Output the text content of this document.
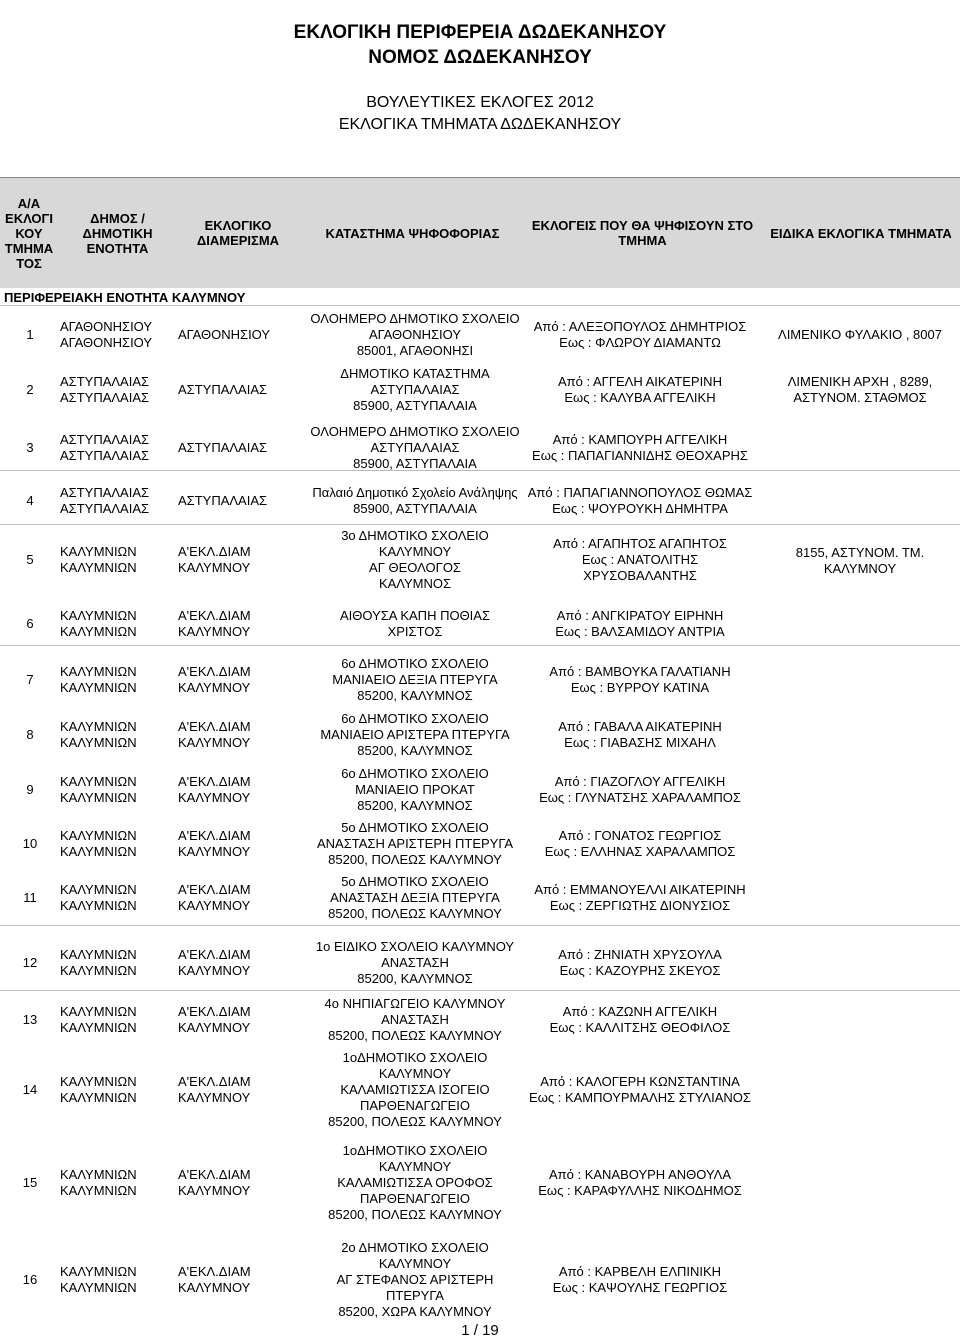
ΕΚΛΟΓΙΚΗ ΠΕΡΙΦΕΡΕΙΑ ΔΩΔΕΚΑΝΗΣΟΥ
ΝΟΜΟΣ ΔΩΔΕΚΑΝΗΣΟΥ
ΒΟΥΛΕΥΤΙΚΕΣ ΕΚΛΟΓΕΣ 2012
ΕΚΛΟΓΙΚΑ ΤΜΗΜΑΤΑ ΔΩΔΕΚΑΝΗΣΟΥ
Α/Α
ΕΚΛΟΓΙ
ΚΟΥ
ΤΜΗΜΑ
ΤΟΣ
ΔΗΜΟΣ /
ΔΗΜΟΤΙΚΗ
ΕΝΟΤΗΤΑ
ΕΚΛΟΓΙΚΟ
ΔΙΑΜΕΡΙΣΜΑ	ΚΑΤΑΣΤΗΜΑ ΨΗΦΟΦΟΡΙΑΣ ΕΚΛΟΓΕΙΣ ΠΟΥ ΘΑ ΨΗΦΙΣΟΥΝ ΣΤΟ
ΤΜΗΜΑ	ΕΙΔΙΚΑ ΕΚΛΟΓΙΚΑ ΤΜΗΜΑΤΑ
ΠΕΡΙΦΕΡΕΙΑΚΗ ΕΝΟΤΗΤΑ ΚΑΛΥΜΝΟΥ
1
ΑΓΑΘΟΝΗΣΙΟΥ
ΑΓΑΘΟΝΗΣΙΟΥ
ΑΓΑΘΟΝΗΣΙΟΥ
ΟΛΟΗΜΕΡΟ ΔΗΜΟΤΙΚΟ ΣΧΟΛΕΙΟ
ΑΓΑΘΟΝΗΣΙΟΥ
85001, ΑΓΑΘΟΝΗΣΙ
Από : ΑΛΕΞΟΠΟΥΛΟΣ ΔΗΜΗΤΡΙΟΣ
Εως : ΦΛΩΡΟΥ ΔΙΑΜΑΝΤΩ
2
ΑΣΤΥΠΑΛΑΙΑΣ
ΑΣΤΥΠΑΛΑΙΑΣ
ΑΣΤΥΠΑΛΑΙΑΣ
ΔΗΜΟΤΙΚΟ ΚΑΤΑΣΤΗΜΑ
ΑΣΤΥΠΑΛΑΙΑΣ
85900, ΑΣΤΥΠΑΛΑΙΑ
Από : ΑΓΓΕΛΗ ΑΙΚΑΤΕΡΙΝΗ
Εως : ΚΑΛΥΒΑ ΑΓΓΕΛΙΚΗ
3
ΑΣΤΥΠΑΛΑΙΑΣ
ΑΣΤΥΠΑΛΑΙΑΣ
ΑΣΤΥΠΑΛΑΙΑΣ
ΟΛΟΗΜΕΡΟ ΔΗΜΟΤΙΚΟ ΣΧΟΛΕΙΟ
ΑΣΤΥΠΑΛΑΙΑΣ
85900, ΑΣΤΥΠΑΛΑΙΑ
Από : ΚΑΜΠΟΥΡΗ ΑΓΓΕΛΙΚΗ
Εως : ΠΑΠΑΓΙΑΝΝΙΔΗΣ ΘΕΟΧΑΡΗΣ
4
ΑΣΤΥΠΑΛΑΙΑΣ
ΑΣΤΥΠΑΛΑΙΑΣ
ΑΣΤΥΠΑΛΑΙΑΣ
Παλαιό Δημοτικό Σχολείο Ανάληψης
85900, ΑΣΤΥΠΑΛΑΙΑ
Από : ΠΑΠΑΓΙΑΝΝΟΠΟΥΛΟΣ ΘΩΜΑΣ
Εως : ΨΟΥΡΟΥΚΗ ΔΗΜΗΤΡΑ
5
ΚΑΛΥΜΝΙΩΝ
ΚΑΛΥΜΝΙΩΝ
Α'ΕΚΛ.ΔΙΑΜ
ΚΑΛΥΜΝΟΥ
3ο ΔΗΜΟΤΙΚΟ ΣΧΟΛΕΙΟ
ΚΑΛΥΜΝΟΥ
ΑΓ ΘΕΟΛΟΓΟΣ
ΚΑΛΥΜΝΟΣ
Από : ΑΓΑΠΗΤΟΣ ΑΓΑΠΗΤΟΣ
Εως : ΑΝΑΤΟΛΙΤΗΣ
ΧΡΥΣΟΒΑΛΑΝΤΗΣ
6
ΚΑΛΥΜΝΙΩΝ
ΚΑΛΥΜΝΙΩΝ
Α'ΕΚΛ.ΔΙΑΜ
ΚΑΛΥΜΝΟΥ
ΑΙΘΟΥΣΑ ΚΑΠΗ ΠΟΘΙΑΣ
ΧΡΙΣΤΟΣ
Από : ΑΝΓΚΙΡΑΤΟΥ ΕΙΡΗΝΗ
Εως : ΒΑΛΣΑΜΙΔΟΥ ΑΝΤΡΙΑ
7
ΚΑΛΥΜΝΙΩΝ
ΚΑΛΥΜΝΙΩΝ
Α'ΕΚΛ.ΔΙΑΜ
ΚΑΛΥΜΝΟΥ
6ο ΔΗΜΟΤΙΚΟ ΣΧΟΛΕΙΟ
ΜΑΝΙΑΕΙΟ ΔΕΞΙΑ ΠΤΕΡΥΓΑ
85200, ΚΑΛΥΜΝΟΣ
Από : ΒΑΜΒΟΥΚΑ ΓΑΛΑΤΙΑΝΗ
Εως : ΒΥΡΡΟΥ ΚΑΤΙΝΑ
8
ΚΑΛΥΜΝΙΩΝ
ΚΑΛΥΜΝΙΩΝ
Α'ΕΚΛ.ΔΙΑΜ
ΚΑΛΥΜΝΟΥ
6ο ΔΗΜΟΤΙΚΟ ΣΧΟΛΕΙΟ
ΜΑΝΙΑΕΙΟ ΑΡΙΣΤΕΡΑ ΠΤΕΡΥΓΑ
85200, ΚΑΛΥΜΝΟΣ
Από : ΓΑΒΑΛΑ ΑΙΚΑΤΕΡΙΝΗ
Εως : ΓΙΑΒΑΣΗΣ ΜΙΧΑΗΛ
9
ΚΑΛΥΜΝΙΩΝ
ΚΑΛΥΜΝΙΩΝ
Α'ΕΚΛ.ΔΙΑΜ
ΚΑΛΥΜΝΟΥ
6ο ΔΗΜΟΤΙΚΟ ΣΧΟΛΕΙΟ
ΜΑΝΙΑΕΙΟ ΠΡΟΚΑΤ
85200, ΚΑΛΥΜΝΟΣ
Από : ΓΙΑΖΟΓΛΟΥ ΑΓΓΕΛΙΚΗ
Εως : ΓΛΥΝΑΤΣΗΣ ΧΑΡΑΛΑΜΠΟΣ
10
ΚΑΛΥΜΝΙΩΝ
ΚΑΛΥΜΝΙΩΝ
Α'ΕΚΛ.ΔΙΑΜ
ΚΑΛΥΜΝΟΥ
5ο ΔΗΜΟΤΙΚΟ ΣΧΟΛΕΙΟ
ΑΝΑΣΤΑΣΗ ΑΡΙΣΤΕΡΗ ΠΤΕΡΥΓΑ
85200, ΠΟΛΕΩΣ ΚΑΛΥΜΝΟΥ
Από : ΓΟΝΑΤΟΣ ΓΕΩΡΓΙΟΣ
Εως : ΕΛΛΗΝΑΣ ΧΑΡΑΛΑΜΠΟΣ
11
ΚΑΛΥΜΝΙΩΝ
ΚΑΛΥΜΝΙΩΝ
Α'ΕΚΛ.ΔΙΑΜ
ΚΑΛΥΜΝΟΥ
5ο ΔΗΜΟΤΙΚΟ ΣΧΟΛΕΙΟ
ΑΝΑΣΤΑΣΗ ΔΕΞΙΑ ΠΤΕΡΥΓΑ
85200, ΠΟΛΕΩΣ ΚΑΛΥΜΝΟΥ
Από : ΕΜΜΑΝΟΥΕΛΛΙ ΑΙΚΑΤΕΡΙΝΗ
Εως : ΖΕΡΓΙΩΤΗΣ ΔΙΟΝΥΣΙΟΣ
12
ΚΑΛΥΜΝΙΩΝ
ΚΑΛΥΜΝΙΩΝ
Α'ΕΚΛ.ΔΙΑΜ
ΚΑΛΥΜΝΟΥ
1ο ΕΙΔΙΚΟ ΣΧΟΛΕΙΟ ΚΑΛΥΜΝΟΥ
ΑΝΑΣΤΑΣΗ
85200, ΚΑΛΥΜΝΟΣ
Από : ΖΗΝΙΑΤΗ ΧΡΥΣΟΥΛΑ
Εως : ΚΑΖΟΥΡΗΣ ΣΚΕΥΟΣ
13
ΚΑΛΥΜΝΙΩΝ
ΚΑΛΥΜΝΙΩΝ
Α'ΕΚΛ.ΔΙΑΜ
ΚΑΛΥΜΝΟΥ
4ο ΝΗΠΙΑΓΩΓΕΙΟ ΚΑΛΥΜΝΟΥ
ΑΝΑΣΤΑΣΗ
85200, ΠΟΛΕΩΣ ΚΑΛΥΜΝΟΥ
Από : ΚΑΖΩΝΗ ΑΓΓΕΛΙΚΗ
Εως : ΚΑΛΛΙΤΣΗΣ ΘΕΟΦΙΛΟΣ
14
ΚΑΛΥΜΝΙΩΝ
ΚΑΛΥΜΝΙΩΝ
Α'ΕΚΛ.ΔΙΑΜ
ΚΑΛΥΜΝΟΥ
1οΔΗΜΟΤΙΚΟ ΣΧΟΛΕΙΟ
ΚΑΛΥΜΝΟΥ
ΚΑΛΑΜΙΩΤΙΣΣΑ ΙΣΟΓΕΙΟ
ΠΑΡΘΕΝΑΓΩΓΕΙΟ
85200, ΠΟΛΕΩΣ ΚΑΛΥΜΝΟΥ
Από : ΚΑΛΟΓΕΡΗ ΚΩΝΣΤΑΝΤΙΝΑ
Εως : ΚΑΜΠΟΥΡΜΑΛΗΣ ΣΤΥΛΙΑΝΟΣ
15
ΚΑΛΥΜΝΙΩΝ
ΚΑΛΥΜΝΙΩΝ
Α'ΕΚΛ.ΔΙΑΜ
ΚΑΛΥΜΝΟΥ
1οΔΗΜΟΤΙΚΟ ΣΧΟΛΕΙΟ
ΚΑΛΥΜΝΟΥ
ΚΑΛΑΜΙΩΤΙΣΣΑ ΟΡΟΦΟΣ
ΠΑΡΘΕΝΑΓΩΓΕΙΟ
85200, ΠΟΛΕΩΣ ΚΑΛΥΜΝΟΥ
Από : ΚΑΝΑΒΟΥΡΗ ΑΝΘΟΥΛΑ
Εως : ΚΑΡΑΦΥΛΛΗΣ ΝΙΚΟΔΗΜΟΣ
16
ΚΑΛΥΜΝΙΩΝ
ΚΑΛΥΜΝΙΩΝ
Α'ΕΚΛ.ΔΙΑΜ
ΚΑΛΥΜΝΟΥ
2ο ΔΗΜΟΤΙΚΟ ΣΧΟΛΕΙΟ
ΚΑΛΥΜΝΟΥ
ΑΓ ΣΤΕΦΑΝΟΣ ΑΡΙΣΤΕΡΗ
ΠΤΕΡΥΓΑ
85200, ΧΩΡΑ ΚΑΛΥΜΝΟΥ
Από : ΚΑΡΒΕΛΗ ΕΛΠΙΝΙΚΗ
Εως : ΚΑΨΟΥΛΗΣ ΓΕΩΡΓΙΟΣ
ΛΙΜΕΝΙΚΟ ΦΥΛΑΚΙΟ , 8007
ΛΙΜΕΝΙΚΗ ΑΡΧΗ , 8289,
ΑΣΤΥΝΟΜ. ΣΤΑΘΜΟΣ
8155, ΑΣΤΥΝΟΜ. ΤΜ.
ΚΑΛΥΜΝΟΥ
1 / 19
